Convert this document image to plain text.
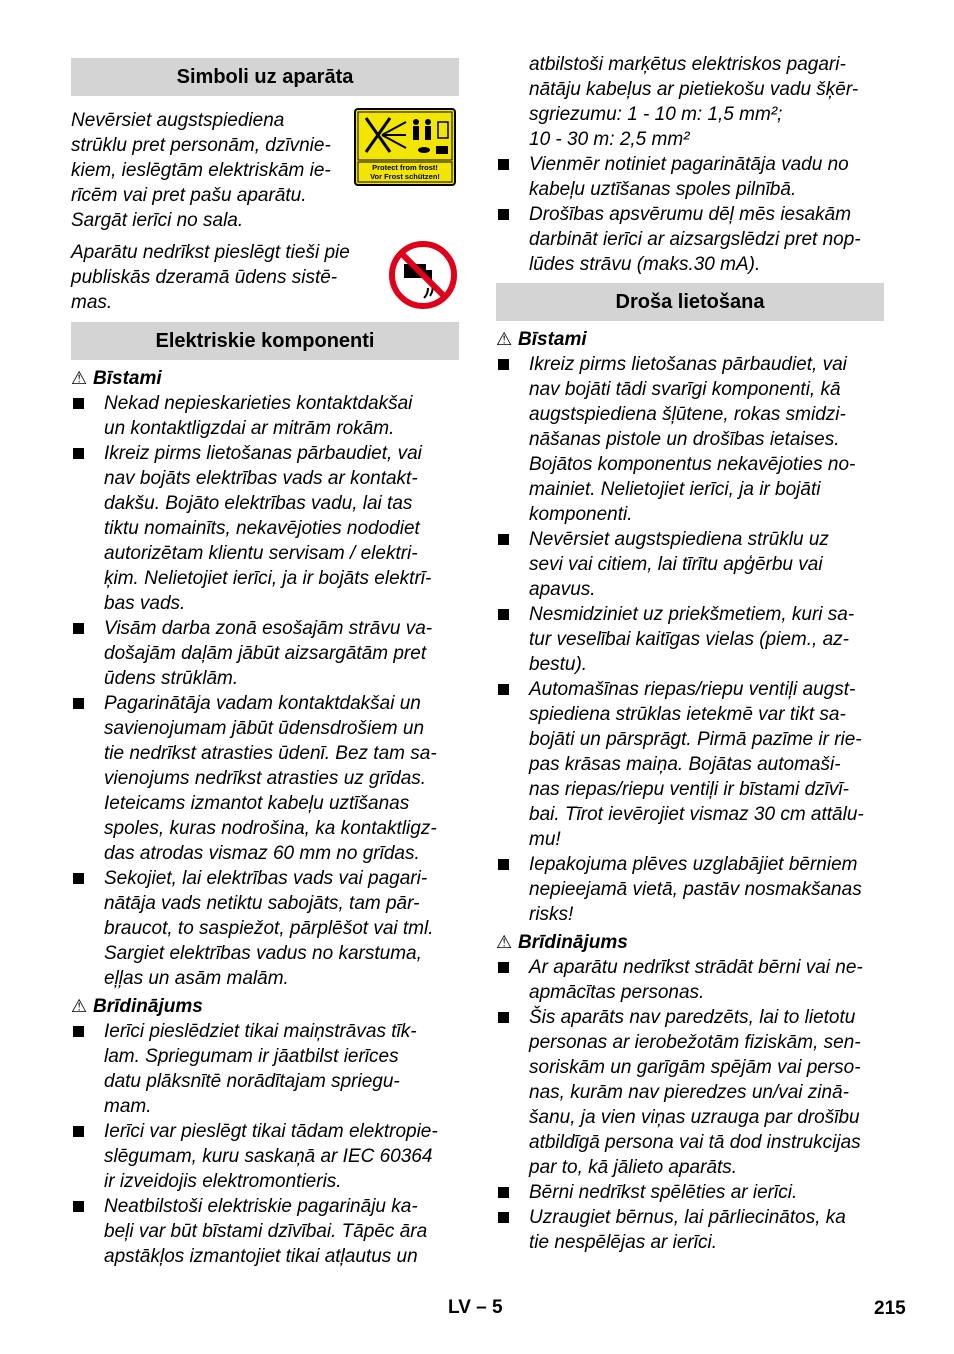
Simboli uz aparāta
Nevērsiet augstspiediena
strūklu pret personām, dzīvnie-
kiem, ieslēgtām elektriskām ie-
rīcēm vai pret pašu aparātu.
Sargāt ierīci no sala.
Protect from frost!
Vor Frost schützen!
Aparātu nedrīkst pieslēgt tieši pie
publiskās dzeramā ūdens sistē-
mas.
Elektriskie komponenti
⚠ Bīstami
Nekad nepieskarieties kontaktdakšai
un kontaktligzdai ar mitrām rokām.
Ikreiz pirms lietošanas pārbaudiet, vai
nav bojāts elektrības vads ar kontakt-
dakšu. Bojāto elektrības vadu, lai tas
tiktu nomainīts, nekavējoties nododiet
autorizētam klientu servisam / elektri-
ķim. Nelietojiet ierīci, ja ir bojāts elektrī-
bas vads.
Visām darba zonā esošajām strāvu va-
došajām daļām jābūt aizsargātām pret
ūdens strūklām.
Pagarinātāja vadam kontaktdakšai un
savienojumam jābūt ūdensdrošiem un
tie nedrīkst atrasties ūdenī. Bez tam sa-
vienojums nedrīkst atrasties uz grīdas.
Ieteicams izmantot kabeļu uztīšanas
spoles, kuras nodrošina, ka kontaktligz-
das atrodas vismaz 60 mm no grīdas.
Sekojiet, lai elektrības vads vai pagari-
nātāja vads netiktu sabojāts, tam pār-
braucot, to saspiežot, pārplēšot vai tml.
Sargiet elektrības vadus no karstuma,
eļļas un asām malām.
⚠ Brīdinājums
Ierīci pieslēdziet tikai maiņstrāvas tīk-
lam. Spriegumam ir jāatbilst ierīces
datu plāksnītē norādītajam spriegu-
mam.
Ierīci var pieslēgt tikai tādam elektropie-
slēgumam, kuru saskaņā ar IEC 60364
ir izveidojis elektromontieris.
Neatbilstoši elektriskie pagarināju ka-
beļi var būt bīstami dzīvībai. Tāpēc āra
apstākļos izmantojiet tikai atļautus un
atbilstoši marķētus elektriskos pagari-
nātāju kabeļus ar pietiekošu vadu šķēr-
sgriezumu: 1 - 10 m: 1,5 mm²;
10 - 30 m: 2,5 mm²
Vienmēr notiniet pagarinātāja vadu no
kabeļu uztīšanas spoles pilnībā.
Drošības apsvērumu dēļ mēs iesakām
darbināt ierīci ar aizsargslēdzi pret nop-
lūdes strāvu (maks.30 mA).
Droša lietošana
⚠ Bīstami
Ikreiz pirms lietošanas pārbaudiet, vai
nav bojāti tādi svarīgi komponenti, kā
augstspiediena šļūtene, rokas smidzi-
nāšanas pistole un drošības ietaises.
Bojātos komponentus nekavējoties no-
mainiet. Nelietojiet ierīci, ja ir bojāti
komponenti.
Nevērsiet augstspiediena strūklu uz
sevi vai citiem, lai tīrītu apģērbu vai
apavus.
Nesmidziniet uz priekšmetiem, kuri sa-
tur veselībai kaitīgas vielas (piem., az-
bestu).
Automašīnas riepas/riepu ventiļi augst-
spiediena strūklas ietekmē var tikt sa-
bojāti un pārsprāgt. Pirmā pazīme ir rie-
pas krāsas maiņa. Bojātas automaši-
nas riepas/riepu ventiļi ir bīstami dzīvī-
bai. Tīrot ievērojiet vismaz 30 cm attālu-
mu!
Iepakojuma plēves uzglabājiet bērniem
nepieejamā vietā, pastāv nosmakšanas
risks!
⚠ Brīdinājums
Ar aparātu nedrīkst strādāt bērni vai ne-
apmācītas personas.
Šis aparāts nav paredzēts, lai to lietotu
personas ar ierobežotām fiziskām, sen-
soriskām un garīgām spējām vai perso-
nas, kurām nav pieredzes un/vai zinā-
šanu, ja vien viņas uzrauga par drošību
atbildīgā persona vai tā dod instrukcijas
par to, kā jālieto aparāts.
Bērni nedrīkst spēlēties ar ierīci.
Uzraugiet bērnus, lai pārliecinātos, ka
tie nespēlējas ar ierīci.
LV – 5	215
